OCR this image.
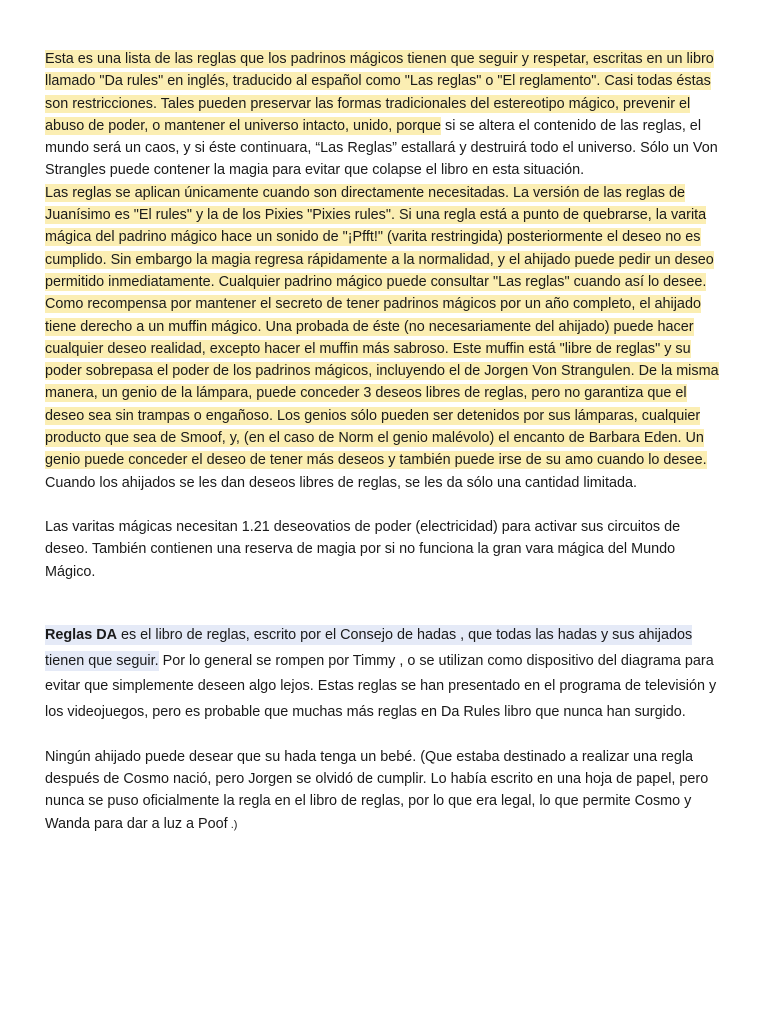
Esta es una lista de las reglas que los padrinos mágicos tienen que seguir y respetar, escritas en un libro llamado "Da rules" en inglés, traducido al español como "Las reglas" o "El reglamento". Casi todas éstas son restricciones. Tales pueden preservar las formas tradicionales del estereotipo mágico, prevenir el abuso de poder, o mantener el universo intacto, unido, porque si se altera el contenido de las reglas, el mundo será un caos, y si éste continuara, “Las Reglas” estallará y destruirá todo el universo. Sólo un Von Strangles puede contener la magia para evitar que colapse el libro en esta situación.
Las reglas se aplican únicamente cuando son directamente necesitadas. La versión de las reglas de Juanísimo es "El rules" y la de los Pixies "Pixies rules". Si una regla está a punto de quebrarse, la varita mágica del padrino mágico hace un sonido de "¡Pfft!" (varita restringida) posteriormente el deseo no es cumplido. Sin embargo la magia regresa rápidamente a la normalidad, y el ahijado puede pedir un deseo permitido inmediatamente. Cualquier padrino mágico puede consultar "Las reglas" cuando así lo desee. Como recompensa por mantener el secreto de tener padrinos mágicos por un año completo, el ahijado tiene derecho a un muffin mágico. Una probada de éste (no necesariamente del ahijado) puede hacer cualquier deseo realidad, excepto hacer el muffin más sabroso. Este muffin está "libre de reglas" y su poder sobrepasa el poder de los padrinos mágicos, incluyendo el de Jorgen Von Strangulen. De la misma manera, un genio de la lámpara, puede conceder 3 deseos libres de reglas, pero no garantiza que el deseo sea sin trampas o engañoso. Los genios sólo pueden ser detenidos por sus lámparas, cualquier producto que sea de Smoof, y, (en el caso de Norm el genio malévolo) el encanto de Barbara Eden. Un genio puede conceder el deseo de tener más deseos y también puede irse de su amo cuando lo desee.
Cuando los ahijados se les dan deseos libres de reglas, se les da sólo una cantidad limitada.

Las varitas mágicas necesitan 1.21 deseovatios de poder (electricidad) para activar sus circuitos de deseo. También contienen una reserva de magia por si no funciona la gran vara mágica del Mundo Mágico.

Reglas DA es el libro de reglas, escrito por el Consejo de hadas , que todas las hadas y sus ahijados tienen que seguir. Por lo general se rompen por Timmy , o se utilizan como dispositivo del diagrama para evitar que simplemente deseen algo lejos. Estas reglas se han presentado en el programa de televisión y los videojuegos, pero es probable que muchas más reglas en Da Rules libro que nunca han surgido.

Ningún ahijado puede desear que su hada tenga un bebé. (Que estaba destinado a realizar una regla después de Cosmo nació, pero Jorgen se olvidó de cumplir. Lo había escrito en una hoja de papel, pero nunca se puso oficialmente la regla en el libro de reglas, por lo que era legal, lo que permite Cosmo y Wanda para dar a luz a Poof .)
